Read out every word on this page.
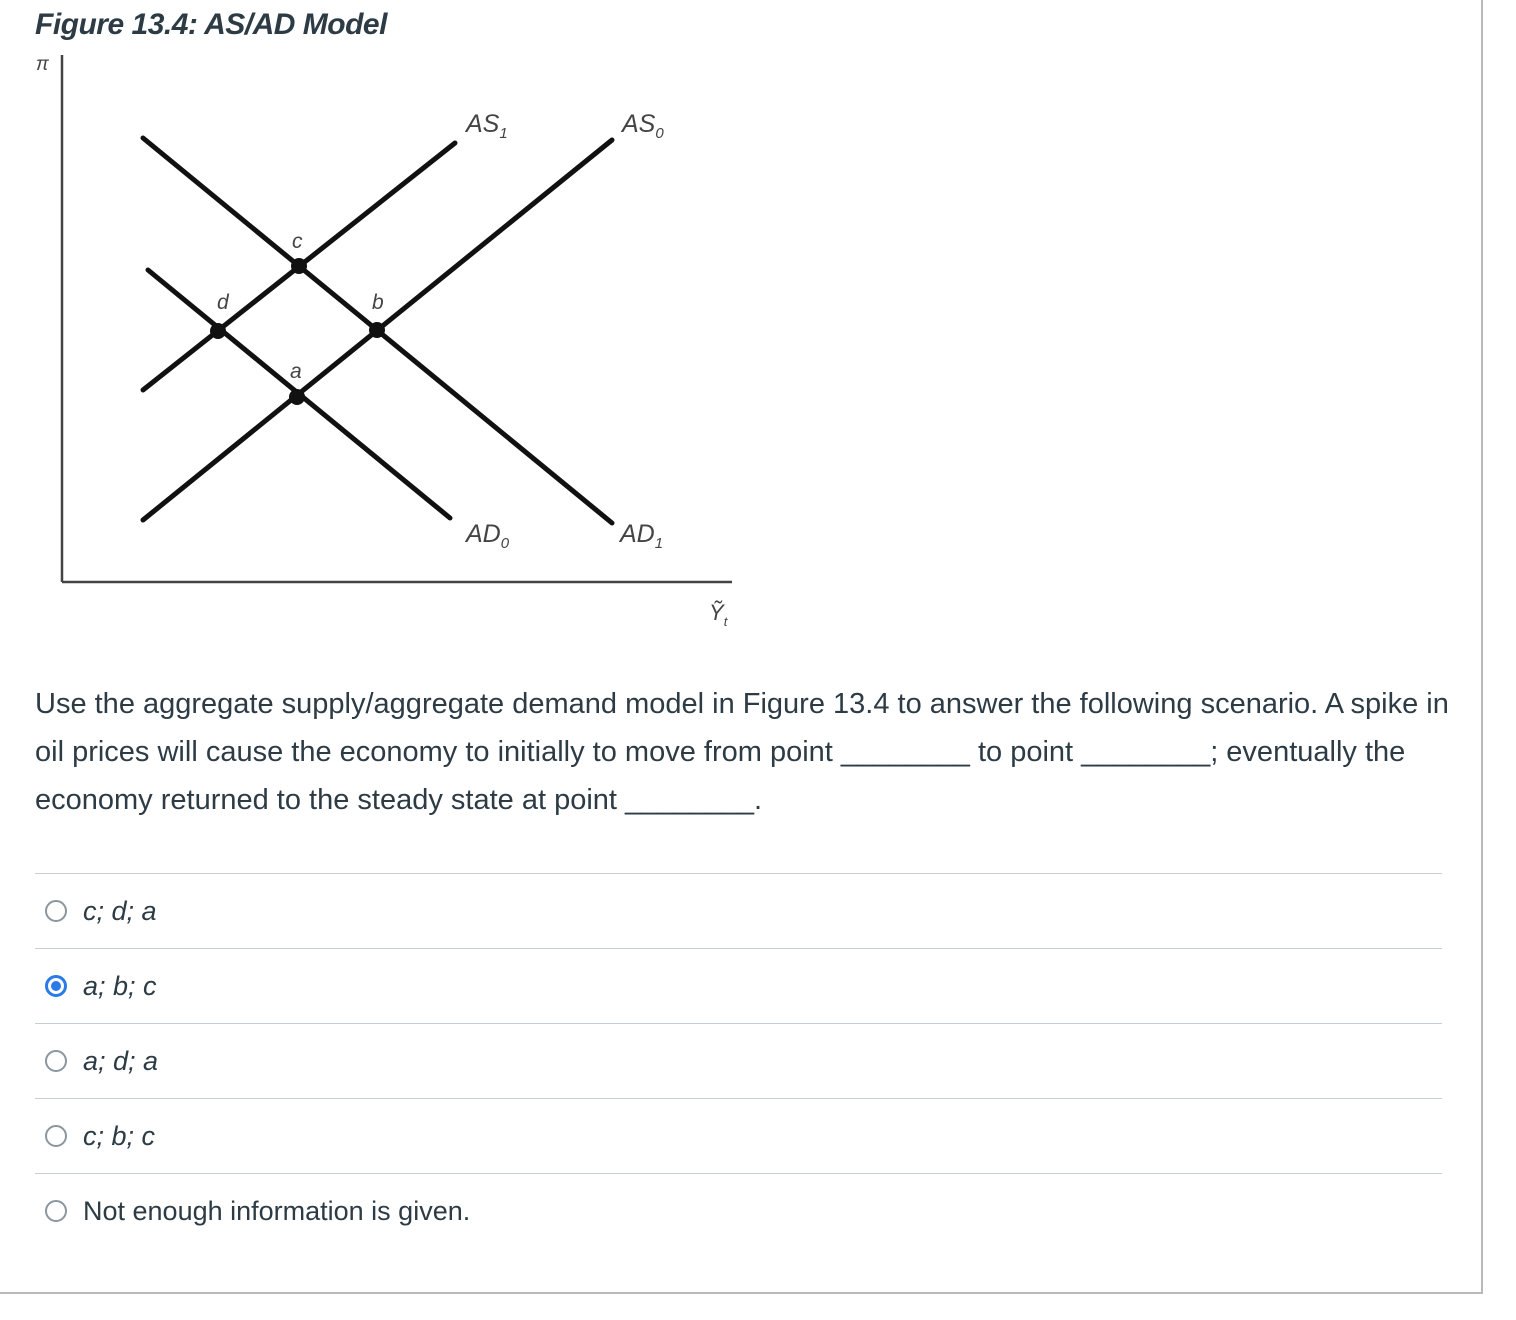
Figure 13.4: AS/AD Model
π
Ỹ$_t$
$AS_1$	$AS_0$
$AD_0$	$AD_1$
c
d	b
a
Use the aggregate supply/aggregate demand model in Figure 13.4 to answer the following scenario. A spike in oil prices will cause the economy to initially to move from point ________ to point ________; eventually the economy returned to the steady state at point ________.
c; d; a
a; b; c
a; d; a
c; b; c
Not enough information is given.
